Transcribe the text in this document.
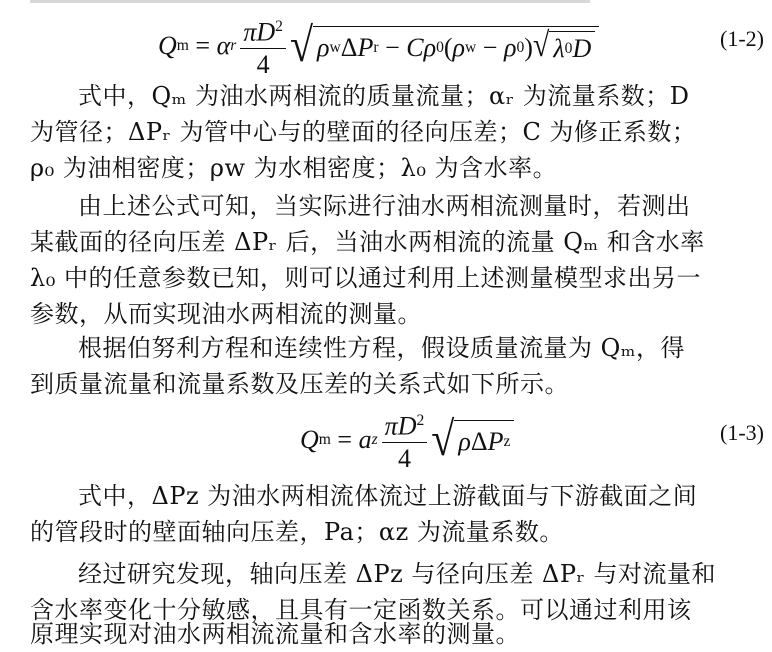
Q m = α r $\frac{\pi D^2}{4}$ √ ρ w Δ P r − Cρ 0 ( ρ w − ρ 0 ) √ λ 0 D	(1-2)
式中，Qₘ 为油水两相流的质量流量；αᵣ 为流量系数；D
为管径；ΔPᵣ 为管中心与的壁面的径向压差；C 为修正系数；
ρ₀ 为油相密度；ρw 为水相密度；λ₀ 为含水率。
由上述公式可知，当实际进行油水两相流测量时，若测出
某截面的径向压差 ΔPᵣ 后，当油水两相流的流量 Qₘ 和含水率
λ₀ 中的任意参数已知，则可以通过利用上述测量模型求出另一
参数，从而实现油水两相流的测量。
根据伯努利方程和连续性方程，假设质量流量为 Qₘ，得
到质量流量和流量系数及压差的关系式如下所示。
Q m = a z $\frac{\pi D^2}{4}$ √ ρ Δ P z	(1-3)
式中，ΔPz 为油水两相流体流过上游截面与下游截面之间
的管段时的壁面轴向压差，Pa；αz 为流量系数。
经过研究发现，轴向压差 ΔPz 与径向压差 ΔPᵣ 与对流量和
含水率变化十分敏感，且具有一定函数关系。可以通过利用该
原理实现对油水两相流流量和含水率的测量。
